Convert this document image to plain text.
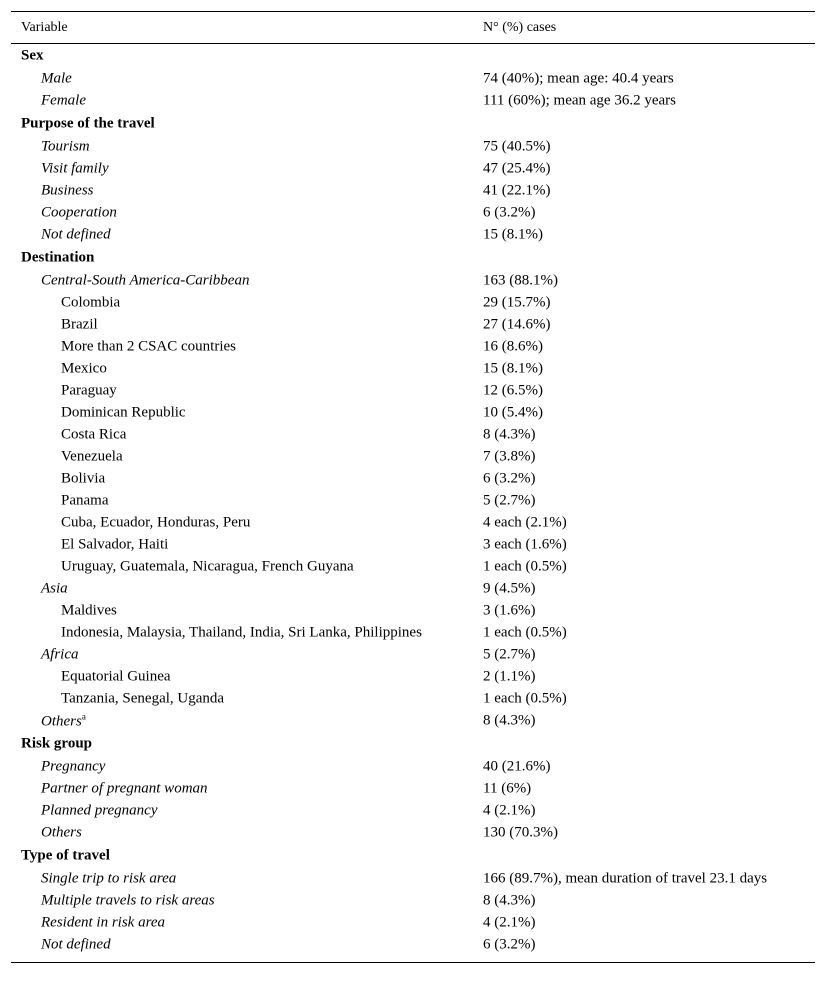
Variable	N° (%) cases
Sex
Male	74 (40%); mean age: 40.4 years
Female	111 (60%); mean age 36.2 years
Purpose of the travel
Tourism	75 (40.5%)
Visit family	47 (25.4%)
Business	41 (22.1%)
Cooperation	6 (3.2%)
Not defined	15 (8.1%)
Destination
Central-South America-Caribbean	163 (88.1%)
Colombia	29 (15.7%)
Brazil	27 (14.6%)
More than 2 CSAC countries	16 (8.6%)
Mexico	15 (8.1%)
Paraguay	12 (6.5%)
Dominican Republic	10 (5.4%)
Costa Rica	8 (4.3%)
Venezuela	7 (3.8%)
Bolivia	6 (3.2%)
Panama	5 (2.7%)
Cuba, Ecuador, Honduras, Peru	4 each (2.1%)
El Salvador, Haiti	3 each (1.6%)
Uruguay, Guatemala, Nicaragua, French Guyana	1 each (0.5%)
Asia	9 (4.5%)
Maldives	3 (1.6%)
Indonesia, Malaysia, Thailand, India, Sri Lanka, Philippines	1 each (0.5%)
Africa	5 (2.7%)
Equatorial Guinea	2 (1.1%)
Tanzania, Senegal, Uganda	1 each (0.5%)
Others$^a$	8 (4.3%)
Risk group
Pregnancy	40 (21.6%)
Partner of pregnant woman	11 (6%)
Planned pregnancy	4 (2.1%)
Others	130 (70.3%)
Type of travel
Single trip to risk area	166 (89.7%), mean duration of travel 23.1 days
Multiple travels to risk areas	8 (4.3%)
Resident in risk area	4 (2.1%)
Not defined	6 (3.2%)
